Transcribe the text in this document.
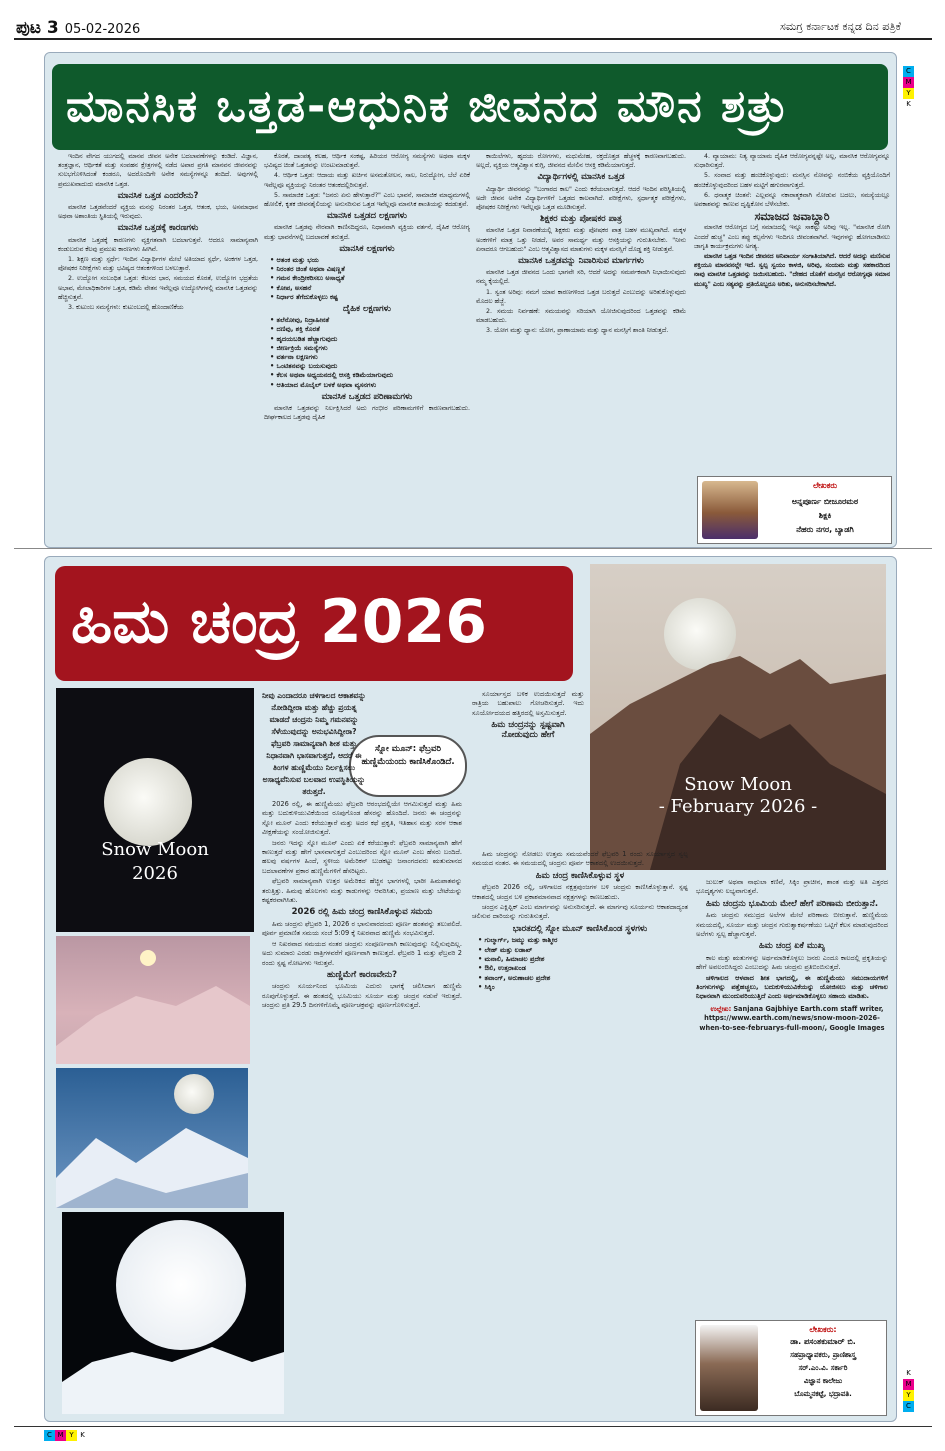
ಪುಟ 3 05-02-2026	ಸಮಗ್ರ ಕರ್ನಾಟಕ ಕನ್ನಡ ದಿನ ಪತ್ರಿಕೆ
C
M
Y
K
K
M
Y
C
C M Y K
ಮಾನಸಿಕ ಒತ್ತಡ-ಆಧುನಿಕ ಜೀವನದ ಮೌನ ಶತ್ರು

ಇಂದಿನ ವೇಗದ ಯುಗದಲ್ಲಿ ಮಾನವ ಜೀವನ ಅನೇಕ ಬದಲಾವಣೆಗಳನ್ನು ಕಂಡಿದೆ. ವಿಜ್ಞಾನ, ತಂತ್ರಜ್ಞಾನ, ಆರ್ಥಿಕತೆ ಮತ್ತು ಸಂವಹನ ಕ್ಷೇತ್ರಗಳಲ್ಲಿ ನಡೆದ ಅಪಾರ ಪ್ರಗತಿ ಮಾನವನ ಜೀವನವನ್ನು ಸುಲಭಗೊಳಿಸಿದಂತೆ ಕಂಡರೂ, ಅದರೊಂದಿಗೇ ಅನೇಕ ಸಮಸ್ಯೆಗಳನ್ನೂ ತಂದಿದೆ. ಅವುಗಳಲ್ಲಿ ಪ್ರಮುಖವಾದುದು ಮಾನಸಿಕ ಒತ್ತಡ.

ಮಾನಸಿಕ ಒತ್ತಡ ಎಂದರೇನು?

ಮಾನಸಿಕ ಒತ್ತಡವೆಂದರೆ ವ್ಯಕ್ತಿಯ ಮನಸ್ಸು ನಿರಂತರ ಒತ್ತಡ, ಆತಂಕ, ಭಯ, ಅಸಮಾಧಾನ ಅಥವಾ ಅಶಾಂತಿಯ ಸ್ಥಿತಿಯಲ್ಲಿ ಇರುವುದು.

ಮಾನಸಿಕ ಒತ್ತಡಕ್ಕೆ ಕಾರಣಗಳು

ಮಾನಸಿಕ ಒತ್ತಡಕ್ಕೆ ಕಾರಣಗಳು ವ್ಯಕ್ತಿಗತವಾಗಿ ಬದಲಾಗುತ್ತವೆ. ಆದರೂ ಸಾಮಾನ್ಯವಾಗಿ ಕಂಡುಬರುವ ಕೆಲವು ಪ್ರಮುಖ ಕಾರಣಗಳು ಹೀಗಿವೆ.

1. ಶಿಕ್ಷಣ ಮತ್ತು ಸ್ಪರ್ಧೆ: ಇಂದಿನ ವಿದ್ಯಾರ್ಥಿಗಳ ಮೇಲೆ ಅತಿಯಾದ ಸ್ಪರ್ಧೆ, ಅಂಕಗಳ ಒತ್ತಡ, ಪೋಷಕರ ನಿರೀಕ್ಷೆಗಳು ಮತ್ತು ಭವಿಷ್ಯದ ಆತಂಕಗಳಿಂದ ಬಳಲುತ್ತಾರೆ.

2. ಉದ್ಯೋಗ ಸಂಬಂಧಿತ ಒತ್ತಡ: ಕೆಲಸದ ಭಾರ, ಸಮಯದ ಕೊರತೆ, ಉದ್ಯೋಗ ಭದ್ರತೆಯ ಅಭಾವ, ಮೇಲಾಧಿಕಾರಿಗಳ ಒತ್ತಡ, ಕಡಿಮೆ ವೇತನ ಇವೆಲ್ಲವೂ ಉದ್ಯೋಗಿಗಳಲ್ಲಿ ಮಾನಸಿಕ ಒತ್ತಡವನ್ನು ಹೆಚ್ಚಿಸುತ್ತವೆ.

3. ಕುಟುಂಬ ಸಮಸ್ಯೆಗಳು: ಕುಟುಂಬದಲ್ಲಿ ಹೊಂದಾಣಿಕೆಯ

ಕೊರತೆ, ದಾಂಪತ್ಯ ಕಲಹ, ಆರ್ಥಿಕ ಸಂಕಷ್ಟ, ಹಿರಿಯರ ಆರೋಗ್ಯ ಸಮಸ್ಯೆಗಳು ಅಥವಾ ಮಕ್ಕಳ ಭವಿಷ್ಯದ ಚಿಂತೆ ಒತ್ತಡವನ್ನು ಉಂಟುಮಾಡುತ್ತವೆ.

4. ಆರ್ಥಿಕ ಒತ್ತಡ: ಆದಾಯ ಮತ್ತು ಖರ್ಚಿನ ಅಸಮತೋಲನ, ಸಾಲ, ನಿರುದ್ಯೋಗ, ಬೆಲೆ ಏರಿಕೆ ಇವೆಲ್ಲವೂ ವ್ಯಕ್ತಿಯನ್ನು ನಿರಂತರ ಆತಂಕದಲ್ಲಿರಿಸುತ್ತವೆ.

5. ಸಾಮಾಜಿಕ ಒತ್ತಡ: "ಜನರು ಏನು ಹೇಳುತ್ತಾರೆ?" ಎಂಬ ಭಾವನೆ, ಸಾಮಾಜಿಕ ಮಾಧ್ಯಮಗಳಲ್ಲಿ ಹೋಲಿಕೆ, ಕೃತಕ ಜೀವನಶೈಲಿಯನ್ನು ಅನುಸರಿಸುವ ಒತ್ತಡ ಇವೆಲ್ಲವೂ ಮಾನಸಿಕ ಶಾಂತಿಯನ್ನು ಕದಡುತ್ತವೆ.

ಮಾನಸಿಕ ಒತ್ತಡದ ಲಕ್ಷಣಗಳು

ಮಾನಸಿಕ ಒತ್ತಡವು ನೇರವಾಗಿ ಕಾಣಿಸದಿದ್ದರೂ, ನಿಧಾನವಾಗಿ ವ್ಯಕ್ತಿಯ ವರ್ತನೆ, ದೈಹಿಕ ಆರೋಗ್ಯ ಮತ್ತು ಭಾವನೆಗಳಲ್ಲಿ ಬದಲಾವಣೆ ತರುತ್ತದೆ.

ಮಾನಸಿಕ ಲಕ್ಷಣಗಳು
• ಆತಂಕ ಮತ್ತು ಭಯ
• ನಿರಂತರ ಚಿಂತೆ ಅಥವಾ ವಿಷಣ್ಣತೆ
• ಗಮನ ಕೇಂದ್ರೀಕರಿಸಲು ಅಸಾಧ್ಯತೆ
• ಕೋಪ, ಅಸಹನೆ
• ನಿರ್ಧಾರ ತೆಗೆದುಕೊಳ್ಳಲು ಕಷ್ಟ
ದೈಹಿಕ ಲಕ್ಷಣಗಳು
• ತಲೆನೋವು, ನಿದ್ರಾಹೀನತೆ
• ದಣಿವು, ಶಕ್ತಿ ಕೊರತೆ
• ಹೃದಯಬಡಿತ ಹೆಚ್ಚಾಗುವುದು
• ಜೀರ್ಣಕ್ರಿಯೆ ಸಮಸ್ಯೆಗಳು
• ವರ್ತನಾ ಲಕ್ಷಣಗಳು
• ಒಂಟಿತನವನ್ನು ಬಯಸುವುದು
• ಕೆಲಸ ಅಥವಾ ಅಧ್ಯಯನದಲ್ಲಿ ಆಸಕ್ತಿ ಕಡಿಮೆಯಾಗುವುದು
• ಆತಿಯಾದ ಮೊಬೈಲ್ ಬಳಕೆ ಅಥವಾ ವ್ಯಸನಗಳು
ಮಾನಸಿಕ ಒತ್ತಡದ ಪರಿಣಾಮಗಳು

ಮಾನಸಿಕ ಒತ್ತಡವನ್ನು ನಿರ್ಲಕ್ಷಿಸಿದರೆ ಅದು ಗಂಭೀರ ಪರಿಣಾಮಗಳಿಗೆ ಕಾರಣವಾಗಬಹುದು. ದೀರ್ಘಕಾಲದ ಒತ್ತಡವು ದೈಹಿಕ

ಕಾಯಿಲೆಗಳು, ಹೃದಯ ರೋಗಗಳು, ಮಧುಮೇಹ, ರಕ್ತದೊತ್ತಡ ಹೆಚ್ಚಳಕ್ಕೆ ಕಾರಣವಾಗಬಹುದು. ಅಲ್ಲದೆ, ವ್ಯಕ್ತಿಯ ಆತ್ಮವಿಶ್ವಾಸ ಕುಗ್ಗಿ, ಜೀವನದ ಮೇಲಿನ ಆಸಕ್ತಿ ಕಡಿಮೆಯಾಗುತ್ತದೆ.

ವಿದ್ಯಾರ್ಥಿಗಳಲ್ಲಿ ಮಾನಸಿಕ ಒತ್ತಡ

ವಿದ್ಯಾರ್ಥಿ ಜೀವನವನ್ನು "ಬಂಗಾರದ ಕಾಲ" ಎಂದು ಕರೆಯಲಾಗುತ್ತದೆ. ಆದರೆ ಇಂದಿನ ಪರಿಸ್ಥಿತಿಯಲ್ಲಿ ಅದೇ ಜೀವನ ಅನೇಕ ವಿದ್ಯಾರ್ಥಿಗಳಿಗೆ ಒತ್ತಡದ ಕಾಲವಾಗಿದೆ. ಪರೀಕ್ಷೆಗಳು, ಸ್ಪರ್ಧಾತ್ಮಕ ಪರೀಕ್ಷೆಗಳು, ಪೋಷಕರ ನಿರೀಕ್ಷೆಗಳು ಇವೆಲ್ಲವೂ ಒತ್ತಡ ಮೂಡಿಸುತ್ತವೆ.

ಶಿಕ್ಷಕರ ಮತ್ತು ಪೋಷಕರ ಪಾತ್ರ

ಮಾನಸಿಕ ಒತ್ತಡ ನಿವಾರಣೆಯಲ್ಲಿ ಶಿಕ್ಷಕರು ಮತ್ತು ಪೋಷಕರ ಪಾತ್ರ ಬಹಳ ಮುಖ್ಯವಾಗಿದೆ. ಮಕ್ಕಳ ಅಂಕಗಳಿಗೆ ಮಾತ್ರ ಒತ್ತು ನೀಡದೆ, ಅವರ ಸಾಮರ್ಥ್ಯ ಮತ್ತು ಆಸಕ್ತಿಯನ್ನು ಗುರುತಿಸಬೇಕು. "ನೀನು ಏನಾದರೂ ಆಗಬಹುದು" ಎಂಬ ಆತ್ಮವಿಶ್ವಾಸದ ಮಾತುಗಳು ಮಕ್ಕಳ ಮನಸ್ಸಿಗೆ ದೊಡ್ಡ ಶಕ್ತಿ ನೀಡುತ್ತವೆ.

ಮಾನಸಿಕ ಒತ್ತಡವನ್ನು ನಿವಾರಿಸುವ ಮಾರ್ಗಗಳು

ಮಾನಸಿಕ ಒತ್ತಡ ಜೀವನದ ಒಂದು ಭಾಗವೇ ಸರಿ, ಆದರೆ ಅದನ್ನು ಸಮರ್ಪಕವಾಗಿ ನಿಭಾಯಿಸುವುದು ನಮ್ಮ ಕೈಯಲ್ಲಿದೆ.

1. ಸ್ವಂತ ಅರಿವು: ನಮಗೆ ಯಾವ ಕಾರಣಗಳಿಂದ ಒತ್ತಡ ಬರುತ್ತದೆ ಎಂಬುದನ್ನು ಅರಿತುಕೊಳ್ಳುವುದು ಮೊದಲ ಹೆಜ್ಜೆ.

2. ಸಮಯ ನಿರ್ವಹಣೆ: ಸಮಯವನ್ನು ಸರಿಯಾಗಿ ಯೋಜಿಸುವುದರಿಂದ ಒತ್ತಡವನ್ನು ಕಡಿಮೆ ಮಾಡಬಹುದು.

3. ಯೋಗ ಮತ್ತು ಧ್ಯಾನ: ಯೋಗ, ಪ್ರಾಣಾಯಾಮ ಮತ್ತು ಧ್ಯಾನ ಮನಸ್ಸಿಗೆ ಶಾಂತಿ ನೀಡುತ್ತದೆ.

4. ವ್ಯಾಯಾಮ: ನಿತ್ಯ ವ್ಯಾಯಾಮ ದೈಹಿಕ ಆರೋಗ್ಯವನ್ನಷ್ಟೇ ಅಲ್ಲ, ಮಾನಸಿಕ ಆರೋಗ್ಯವನ್ನೂ ಸುಧಾರಿಸುತ್ತದೆ.

5. ಸಂವಾದ ಮತ್ತು ಹಂಚಿಕೊಳ್ಳುವುದು: ಮನಸ್ಸಿನ ನೋವನ್ನು ನಂಬಿಕೆಯ ವ್ಯಕ್ತಿಯೊಂದಿಗೆ ಹಂಚಿಕೊಳ್ಳುವುದರಿಂದ ಬಹಳ ಮಟ್ಟಿಗೆ ಹಗುರವಾಗುತ್ತದೆ.

6. ಧನಾತ್ಮಕ ಚಿಂತನೆ: ಎಲ್ಲವನ್ನೂ ನಕಾರಾತ್ಮಕವಾಗಿ ನೋಡುವ ಬದಲು, ಸಮಸ್ಯೆಯಲ್ಲೂ ಅವಕಾಶವನ್ನು ಕಾಣುವ ದೃಷ್ಟಿಕೋನ ಬೆಳೆಸಬೇಕು.

ಸಮಾಜದ ಜವಾಬ್ದಾರಿ

ಮಾನಸಿಕ ಆರೋಗ್ಯದ ಬಗ್ಗೆ ಸಮಾಜದಲ್ಲಿ ಇನ್ನೂ ಸಾಕಷ್ಟು ಅರಿವು ಇಲ್ಲ. "ಮಾನಸಿಕ ರೋಗಿ ಎಂದರೆ ಹುಚ್ಚ" ಎಂಬ ತಪ್ಪು ಕಲ್ಪನೆಗಳು ಇಂದಿಗೂ ಜೀವಂತವಾಗಿವೆ. ಇವುಗಳನ್ನು ಹೋಗಲಾಡಿಸಲು ಜಾಗೃತಿ ಕಾರ್ಯಕ್ರಮಗಳು ಅಗತ್ಯ.

ಮಾನಸಿಕ ಒತ್ತಡ ಇಂದಿನ ಜೀವನದ ಅನಿವಾರ್ಯ ಸಂಗಾತಿಯಾಗಿದೆ. ಆದರೆ ಅದನ್ನು ಮಣಿಸುವ ಶಕ್ತಿಯೂ ಮಾನವನಲ್ಲೇ ಇದೆ. ಸ್ವಲ್ಪ ಸ್ವಯಂ ಕಾಳಜಿ, ಅರಿವು, ಸಂಯಮ ಮತ್ತು ಸಹಕಾರದಿಂದ ನಾವು ಮಾನಸಿಕ ಒತ್ತಡವನ್ನು ಜಯಿಸಬಹುದು. "ದೇಹದ ಜೊತೆಗೆ ಮನಸ್ಸಿನ ಆರೋಗ್ಯವೂ ಸಮಾನ ಮುಖ್ಯ" ಎಂಬ ಸತ್ಯವನ್ನು ಪ್ರತಿಯೊಬ್ಬರೂ ಅರಿತು, ಅನುಸರಿಸಬೇಕಾಗಿದೆ.

ಲೇಖಕರು
ಅನ್ನಪೂರ್ಣ ಬೀಜೂರಮಠ
ಶಿಕ್ಷಕಿ
ನೆಹರು ನಗರ, ಬ್ಯಾಡಗಿ
ಹಿಮ ಚಂದ್ರ 2026
Snow Moon
- February 2026 -
Snow Moon
2026
ಸ್ನೋ ಮೂನ್: ಫೆಬ್ರವರಿ ಹುಣ್ಣಿಮೆಯಂದು ಕಾಣಿಸಿಕೊಂಡಿದೆ.
ನೀವು ಎಂದಾದರೂ ಚಳಿಗಾಲದ ಆಕಾಶವನ್ನು ನೋಡಿದ್ದೀರಾ ಮತ್ತು ಹೆಚ್ಚು ಪ್ರಯತ್ನ ಮಾಡದೆ ಚಂದ್ರನು ನಿಮ್ಮ ಗಮನವನ್ನು ಸೆಳೆಯುವುದನ್ನು ಅನುಭವಿಸಿದ್ದೀರಾ? ಫೆಬ್ರವರಿ ಸಾಮಾನ್ಯವಾಗಿ ಶೀತ ಮತ್ತು ನಿಧಾನವಾಗಿ ಭಾಸವಾಗುತ್ತದೆ, ಆದರೆ ಈ ತಿಂಗಳ ಹುಣ್ಣಿಮೆಯು ನಿರ್ಲಕ್ಷಿಸಲು ಅಸಾಧ್ಯವೆನಿಸುವ ಬಲವಾದ ಉಪಸ್ಥಿತಿಯನ್ನು ತರುತ್ತದೆ.

2026 ರಲ್ಲಿ, ಈ ಹುಣ್ಣಿಮೆಯು ಫೆಬ್ರವರಿ ಆರಂಭದಲ್ಲಿಯೇ ಆಗಮಿಸುತ್ತದೆ ಮತ್ತು ಹಿಮ ಮತ್ತು ಬದುಕುಳಿಯುವಿಕೆಯಿಂದ ರೂಪುಗೊಂಡ ಹೆಸರನ್ನು ಹೊಂದಿದೆ. ಜನರು ಈ ಚಂದ್ರನನ್ನು ಸ್ನೋ ಮೂನ್ ಎಂದು ಕರೆಯುತ್ತಾರೆ ಮತ್ತು ಅದರ ಕಥೆ ಪ್ರಕೃತಿ, ಇತಿಹಾಸ ಮತ್ತು ಸರಳ ಆಕಾಶ ವೀಕ್ಷಣೆಯನ್ನು ಸಂಯೋಜಿಸುತ್ತದೆ.

ಜನರು ಇದನ್ನು ಸ್ನೋ ಮೂನ್ ಎಂದು ಏಕೆ ಕರೆಯುತ್ತಾರೆ: ಫೆಬ್ರವರಿ ಸಾಮಾನ್ಯವಾಗಿ ಹೇಗೆ ಕಾಣುತ್ತದೆ ಮತ್ತು ಹೇಗೆ ಭಾಸವಾಗುತ್ತದೆ ಎಂಬುದರಿಂದ ಸ್ನೋ ಮೂನ್ ಎಂಬ ಹೆಸರು ಬಂದಿದೆ. ಹಲವು ವರ್ಷಗಳ ಹಿಂದೆ, ಸ್ಥಳೀಯ ಅಮೆರಿಕನ್ ಬುಡಕಟ್ಟು ಜನಾಂಗದವರು ಋತುಮಾನದ ಬದಲಾವಣೆಗಳ ಪ್ರಕಾರ ಹುಣ್ಣಿಮೆಗಳಿಗೆ ಹೆಸರಿಟ್ಟರು.

ಫೆಬ್ರವರಿ ಸಾಮಾನ್ಯವಾಗಿ ಉತ್ತರ ಅಮೆರಿಕದ ಹೆಚ್ಚಿನ ಭಾಗಗಳಲ್ಲಿ ಭಾರೀ ಹಿಮಪಾತವನ್ನು ತರುತ್ತಿತ್ತು. ಹಿಮವು ಹೊಲಗಳು ಮತ್ತು ಕಾಡುಗಳನ್ನು ಆವರಿಸಿತು, ಪ್ರಯಾಣ ಮತ್ತು ಬೇಟೆಯನ್ನು ಕಷ್ಟಕರವಾಗಿಸಿತು.

2026 ರಲ್ಲಿ ಹಿಮ ಚಂದ್ರ ಕಾಣಿಸಿಕೊಳ್ಳುವ ಸಮಯ

ಹಿಮ ಚಂದ್ರನು ಫೆಬ್ರವರಿ 1, 2026 ರ ಭಾನುವಾರದಂದು ಪೂರ್ಣ ಹಂತವನ್ನು ತಲುಪಲಿದೆ. ಪೂರ್ವ ಪ್ರಮಾಣಿತ ಸಮಯ ಸಂಜೆ 5:09 ಕ್ಕೆ ನಿಖರವಾದ ಹುಣ್ಣಿಮೆ ಸಂಭವಿಸುತ್ತದೆ.

ಆ ನಿಖರವಾದ ಸಮಯದ ನಂತರ ಚಂದ್ರನು ಸಂಪೂರ್ಣವಾಗಿ ಕಾಣುವುದನ್ನು ನಿಲ್ಲಿಸುವುದಿಲ್ಲ. ಅದು ಸುಮಾರು ಎರಡು ರಾತ್ರಿಗಳವರೆಗೆ ಪೂರ್ಣವಾಗಿ ಕಾಣುತ್ತದೆ. ಫೆಬ್ರವರಿ 1 ಮತ್ತು ಫೆಬ್ರವರಿ 2 ರಂದು ಸ್ಪಷ್ಟ ನೋಟಗಳು ಇರುತ್ತವೆ.

ಹುಣ್ಣಿಮೆಗೆ ಕಾರಣವೇನು?

ಚಂದ್ರನು ಸೂರ್ಯನಿಂದ ಭೂಮಿಯ ಎದುರು ಭಾಗಕ್ಕೆ ಚಲಿಸಿದಾಗ ಹುಣ್ಣಿಮೆ ರೂಪುಗೊಳ್ಳುತ್ತದೆ. ಈ ಹಂತದಲ್ಲಿ ಭೂಮಿಯು ಸೂರ್ಯ ಮತ್ತು ಚಂದ್ರನ ನಡುವೆ ಇರುತ್ತದೆ. ಚಂದ್ರನು ಪ್ರತಿ 29.5 ದಿನಗಳಿಗೊಮ್ಮೆ ಪೂರ್ಣಚಕ್ರವನ್ನು ಪೂರ್ಣಗೊಳಿಸುತ್ತದೆ.

ಸೂರ್ಯಾಸ್ತದ ಬಳಿಕ ಉದಯಿಸುತ್ತದೆ ಮತ್ತು ರಾತ್ರಿಯ ಬಹುಪಾಲು ಗೋಚರಿಸುತ್ತದೆ. ಇದು ಸೂರ್ಯೋದಯದ ಹತ್ತಿರದಲ್ಲಿ ಅಸ್ತಮಿಸುತ್ತದೆ.

ಹಿಮ ಚಂದ್ರನನ್ನು ಸ್ಪಷ್ಟವಾಗಿ ನೋಡುವುದು ಹೇಗೆ

ಹಿಮ ಚಂದ್ರನನ್ನು ನೋಡಲು ಉತ್ತಮ ಸಮಯವೆಂದರೆ ಫೆಬ್ರವರಿ 1 ರಂದು ಸೂರ್ಯಾಸ್ತದ ಸ್ವಲ್ಪ ಸಮಯದ ನಂತರ. ಈ ಸಮಯದಲ್ಲಿ ಚಂದ್ರನು ಪೂರ್ವ ಆಕಾಶದಲ್ಲಿ ಉದಯಿಸುತ್ತದೆ.

ಹಿಮ ಚಂದ್ರ ಕಾಣಿಸಿಕೊಳ್ಳುವ ಸ್ಥಳ

ಫೆಬ್ರವರಿ 2026 ರಲ್ಲಿ, ಚಳಿಗಾಲದ ನಕ್ಷತ್ರಪುಂಜಗಳ ಬಳಿ ಚಂದ್ರನು ಕಾಣಿಸಿಕೊಳ್ಳುತ್ತಾನೆ. ಸ್ಪಷ್ಟ ಆಕಾಶದಲ್ಲಿ ಚಂದ್ರನ ಬಳಿ ಪ್ರಕಾಶಮಾನವಾದ ನಕ್ಷತ್ರಗಳನ್ನು ಕಾಣಬಹುದು.

ಚಂದ್ರನ ಎಕ್ಲಿಪ್ಟಿಕ್ ಎಂಬ ಮಾರ್ಗವನ್ನು ಅನುಸರಿಸುತ್ತದೆ. ಈ ಮಾರ್ಗವು ಸೂರ್ಯನು ಆಕಾಶದಾದ್ಯಂತ ಚಲಿಸುವ ದಾರಿಯನ್ನು ಗುರುತಿಸುತ್ತದೆ.

ಭಾರತದಲ್ಲಿ ಸ್ನೋ ಮೂನ್ ಕಾಣಿಸಿಕೊಂಡ ಸ್ಥಳಗಳು
• ಗುಲ್ಮಾರ್ಗ್, ಜಮ್ಮು ಮತ್ತು ಕಾಶ್ಮೀರ
• ಲೇಹ್ ಮತ್ತು ಲಡಾಖ್
• ಮನಾಲಿ, ಹಿಮಾಚಲ ಪ್ರದೇಶ
• ಔಲಿ, ಉತ್ತರಾಖಂಡ
• ತವಾಂಗ್, ಅರುಣಾಚಲ ಪ್ರದೇಶ
• ಸಿಕ್ಕಿಂ

ಜುಲುಕ್ ಅಥವಾ ನಾಥುಲಾ ಕಣಿವೆ, ಸಿಕ್ಕಿಂ ಪ್ರಾಚೀನ, ಶಾಂತ ಮತ್ತು ಅತಿ ಎತ್ತರದ ಭೂದೃಶ್ಯಗಳು ಲಭ್ಯವಾಗುತ್ತವೆ.

ಹಿಮ ಚಂದ್ರನು ಭೂಮಿಯ ಮೇಲೆ ಹೇಗೆ ಪರಿಣಾಮ ಬೀರುತ್ತಾನೆ.

ಹಿಮ ಚಂದ್ರನು ಸಮುದ್ರದ ಅಲೆಗಳ ಮೇಲೆ ಪರಿಣಾಮ ಬೀರುತ್ತಾನೆ. ಹುಣ್ಣಿಮೆಯ ಸಮಯದಲ್ಲಿ, ಸೂರ್ಯ ಮತ್ತು ಚಂದ್ರನ ಗುರುತ್ವಾಕರ್ಷಣೆಯು ಒಟ್ಟಿಗೆ ಕೆಲಸ ಮಾಡುವುದರಿಂದ ಅಲೆಗಳು ಸ್ವಲ್ಪ ಹೆಚ್ಚಾಗುತ್ತವೆ.

ಹಿಮ ಚಂದ್ರ ಏಕೆ ಮುಖ್ಯ

ಕಾಲ ಮತ್ತು ಋತುಗಳನ್ನು ಅರ್ಥಮಾಡಿಕೊಳ್ಳಲು ಜನರು ಎಂದೂ ಕಾಲದಲ್ಲಿ ಪ್ರಕೃತಿಯನ್ನು ಹೇಗೆ ಅವಲಂಬಿಸಿದ್ದರು ಎಂಬುದನ್ನು ಹಿಮ ಚಂದ್ರನು ಪ್ರತಿಬಿಂಬಿಸುತ್ತದೆ.

ಚಳಿಗಾಲದ ಆಳವಾದ ಶೀತ ಭಾಗದಲ್ಲಿ, ಈ ಹುಣ್ಣಿಮೆಯು ಸಮುದಾಯಗಳಿಗೆ ತಿಂಗಳುಗಳನ್ನು ಪತ್ತೆಹಚ್ಚಲು, ಬದುಕುಳಿಯುವಿಕೆಯನ್ನು ಯೋಜಿಸಲು ಮತ್ತು ಚಳಿಗಾಲ ನಿಧಾನವಾಗಿ ಮುಂದುವರಿಯುತ್ತಿದೆ ಎಂದು ಅರ್ಥಮಾಡಿಕೊಳ್ಳಲು ಸಹಾಯ ಮಾಡಿತು.

ಉಲ್ಲೇಖ: Sanjana Gajbhiye Earth.com staff writer, https://www.earth.com/news/snow-moon-2026-when-to-see-februarys-full-moon/, Google Images

ಲೇಖಕರು:
ಡಾ. ಪಸಂತಕುಮಾರ್ ಬಿ.
ಸಹಪ್ರಾಧ್ಯಾಪಕರು, ಪ್ರಾಣಿಶಾಸ್ತ್ರ
ಸರ್.ಎಂ.ವಿ. ಸರ್ಕಾರಿ
ವಿಜ್ಞಾನ ಕಾಲೇಜು
ಬೊಮ್ಮನಕಟ್ಟೆ, ಭದ್ರಾವತಿ.
